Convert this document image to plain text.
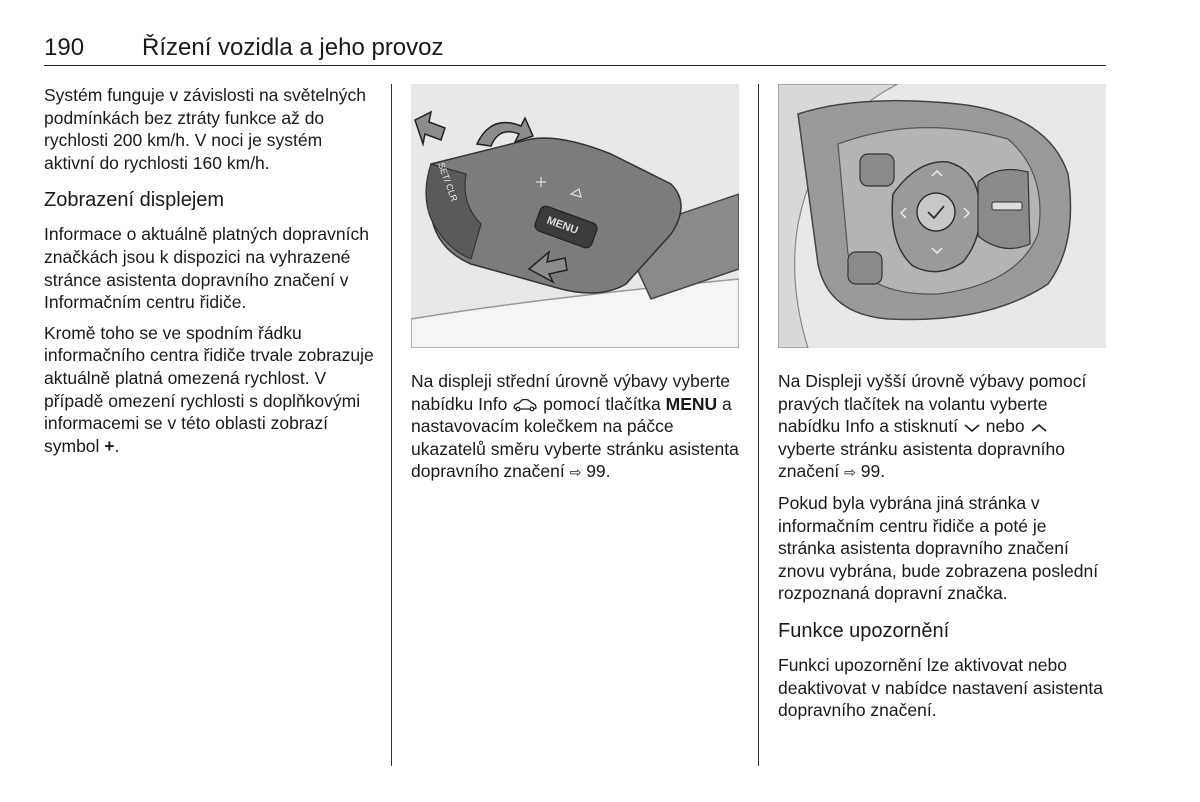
190 Řízení vozidla a jeho provoz

Systém funguje v závislosti na světelných podmínkách bez ztráty funkce až do rychlosti 200 km/h. V noci je systém aktivní do rychlosti 160 km/h.

Zobrazení displejem

Informace o aktuálně platných dopravních značkách jsou k dispozici na vyhrazené stránce asistenta dopravního značení v Informačním centru řidiče.

Kromě toho se ve spodním řádku informačního centra řidiče trvale zobrazuje aktuálně platná omezená rychlost. V případě omezení rychlosti s doplňkovými informacemi se v této oblasti zobrazí symbol +.

SET/ CLR
MENU

Na displeji střední úrovně výbavy vyberte nabídku Info  pomocí tlačítka MENU a nastavovacím kolečkem na páčce ukazatelů směru vyberte stránku asistenta dopravního značení ⇨ 99.

Na Displeji vyšší úrovně výbavy pomocí pravých tlačítek na volantu vyberte nabídku Info a stisknutí  nebo  vyberte stránku asistenta dopravního značení ⇨ 99.

Pokud byla vybrána jiná stránka v informačním centru řidiče a poté je stránka asistenta dopravního značení znovu vybrána, bude zobrazena poslední rozpoznaná dopravní značka.

Funkce upozornění

Funkci upozornění lze aktivovat nebo deaktivovat v nabídce nastavení asistenta dopravního značení.
